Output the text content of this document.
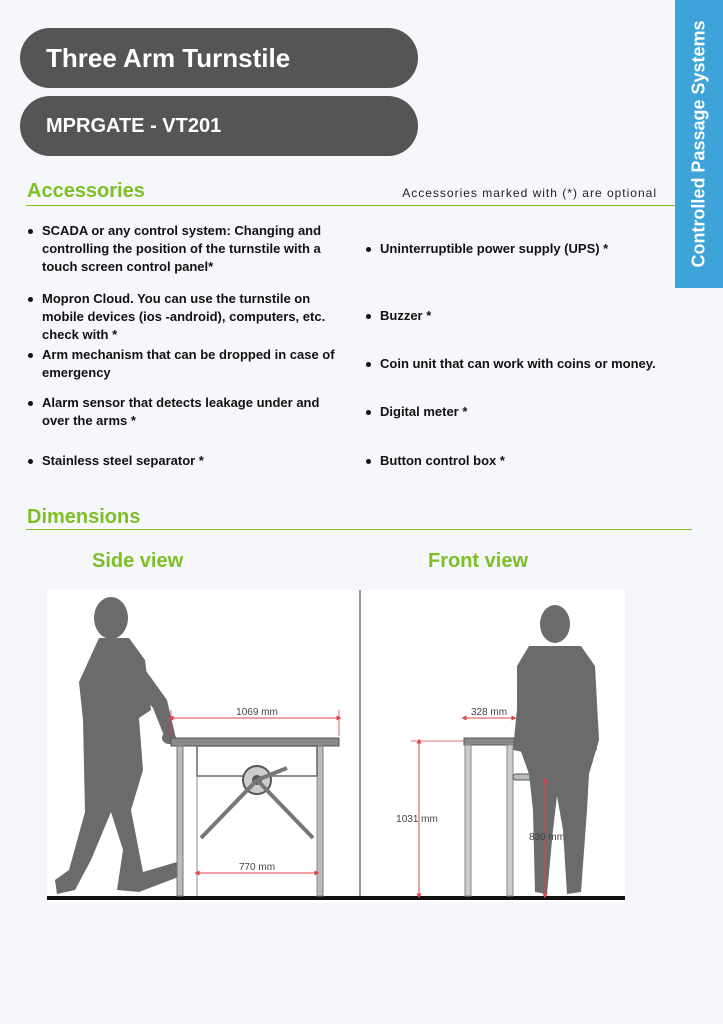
Three Arm Turnstile
MPRGATE - VT201	Controlled Passage Systems
Accessories	Accessories marked with (*) are optional
SCADA or any control system: Changing and controlling the position of the turnstile with a touch screen control panel*
Mopron Cloud. You can use the turnstile on mobile devices (ios -android), computers, etc. check with *
Arm mechanism that can be dropped in case of emergency
Alarm sensor that detects leakage under and over the arms *
Stainless steel separator *
Uninterruptible power supply (UPS) *
Buzzer *
Coin unit that can work with coins or money.
Digital meter *
Button control box *
Dimensions
Side view	Front view
1069 mm
770 mm
328 mm
1031 mm
830 mm
